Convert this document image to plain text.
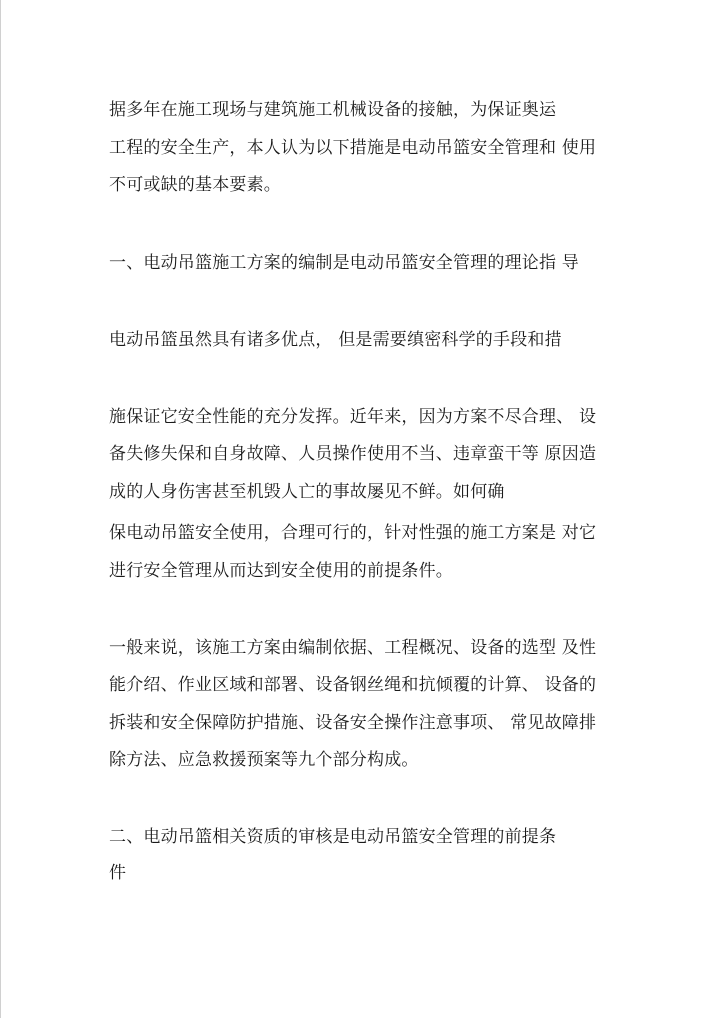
据多年在施工现场与建筑施工机械设备的接触，为保证奥运
工程的安全生产，本人认为以下措施是电动吊篮安全管理和 使用
不可或缺的基本要素。
一、电动吊篮施工方案的编制是电动吊篮安全管理的理论指 导
电动吊篮虽然具有诸多优点， 但是需要缜密科学的手段和措
施保证它安全性能的充分发挥。近年来，因为方案不尽合理、 设
备失修失保和自身故障、人员操作使用不当、违章蛮干等 原因造
成的人身伤害甚至机毁人亡的事故屡见不鲜。如何确
保电动吊篮安全使用，合理可行的，针对性强的施工方案是 对它
进行安全管理从而达到安全使用的前提条件。
一般来说，该施工方案由编制依据、工程概况、设备的选型 及性
能介绍、作业区域和部署、设备钢丝绳和抗倾覆的计算、 设备的
拆装和安全保障防护措施、设备安全操作注意事项、 常见故障排
除方法、应急救援预案等九个部分构成。
二、电动吊篮相关资质的审核是电动吊篮安全管理的前提条
件
